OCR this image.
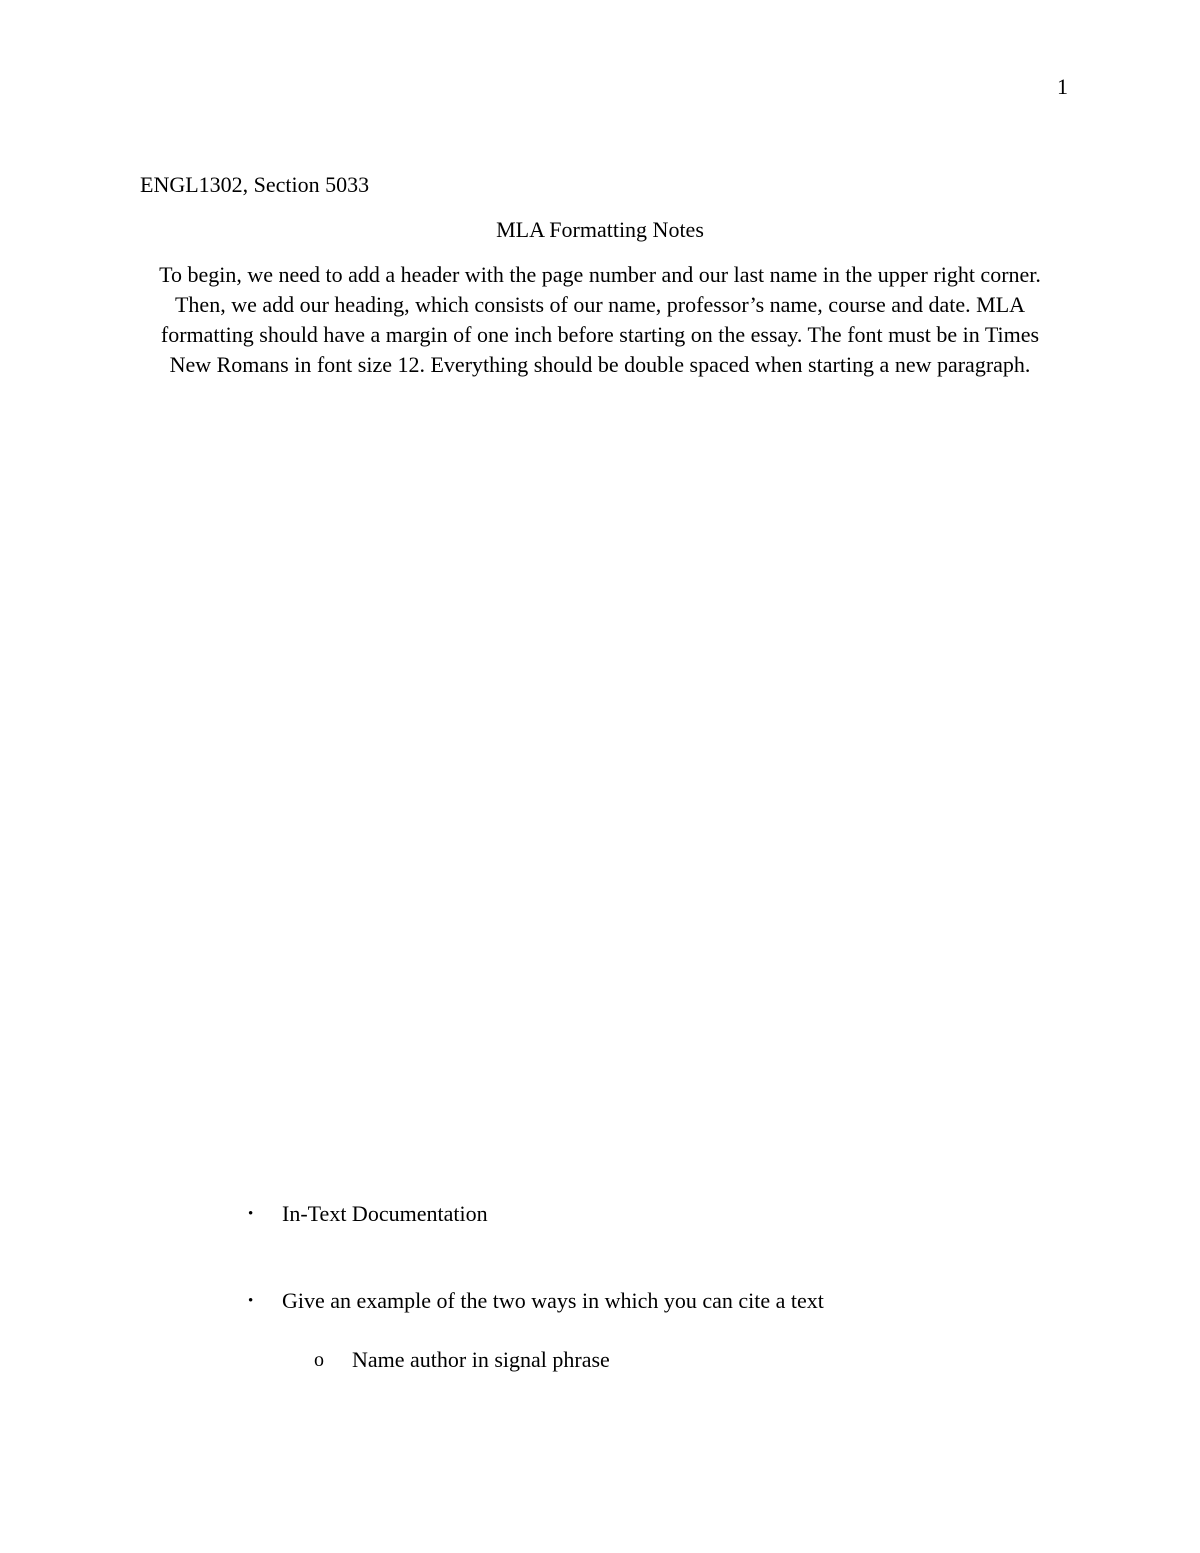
1
ENGL1302, Section 5033
MLA Formatting Notes

To begin, we need to add a header with the page number and our last name in the upper right corner. Then, we add our heading, which consists of our name, professor’s name, course and date. MLA formatting should have a margin of one inch before starting on the essay. The font must be in Times New Romans in font size 12. Everything should be double spaced when starting a new paragraph.

• In-Text Documentation
• Give an example of the two ways in which you can cite a text
o Name author in signal phrase
